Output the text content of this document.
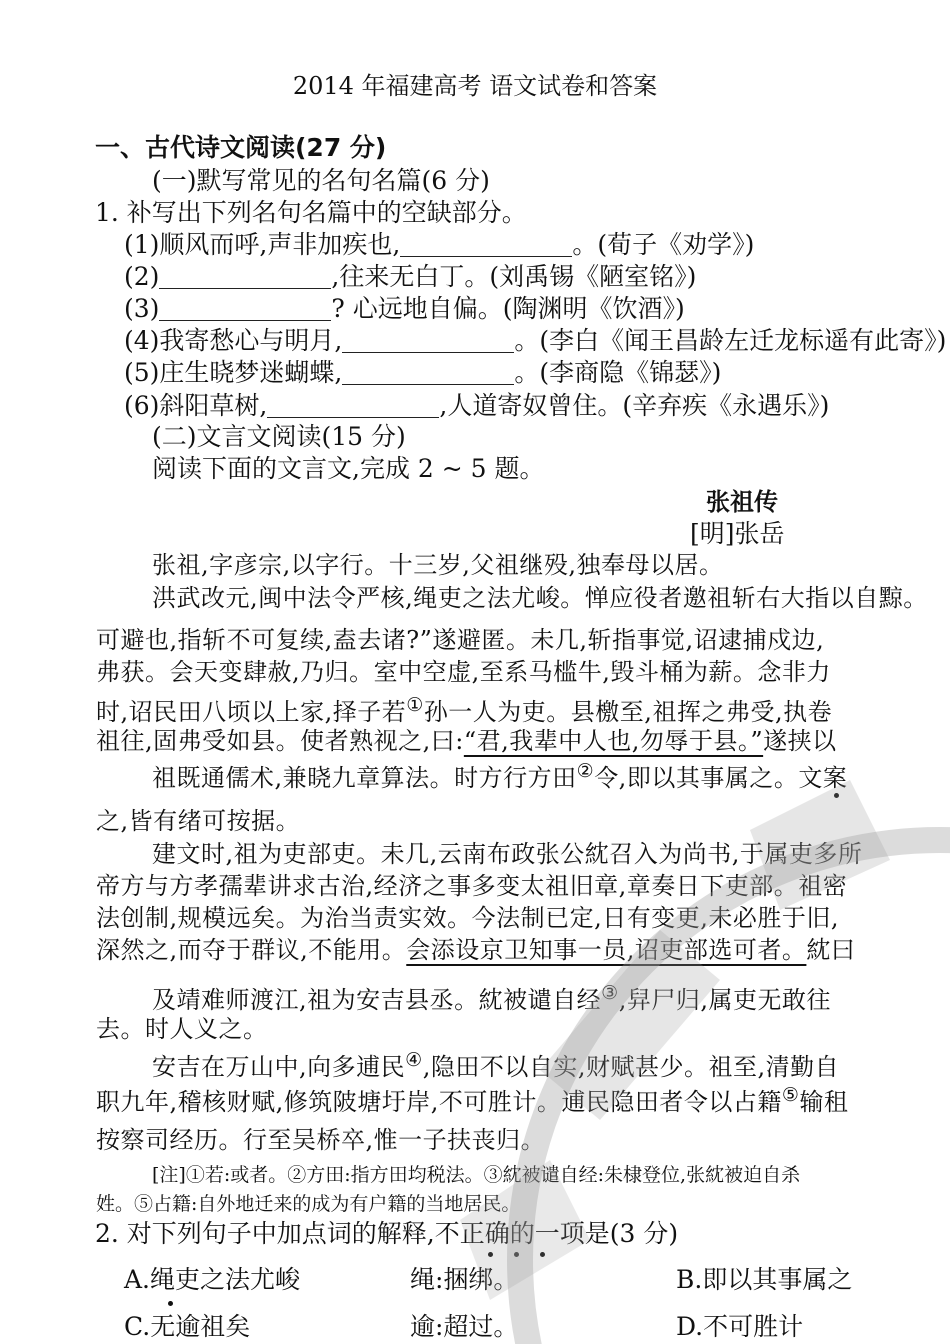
2014 年福建高考 语文试卷和答案
一、古代诗文阅读(27 分)
(一)默写常见的名句名篇(6 分)
1. 补写出下列名句名篇中的空缺部分。
(1)顺风而呼,声非加疾也,	。(荀子《劝学》)
(2)	,往来无白丁。(刘禹锡《陋室铭》)
(3)	? 心远地自偏。(陶渊明《饮酒》)
(4)我寄愁心与明月,	。(李白《闻王昌龄左迁龙标遥有此寄》)
(5)庄生晓梦迷蝴蝶,	。(李商隐《锦瑟》)
(6)斜阳草树,	,人道寄奴曾住。(辛弃疾《永遇乐》)
(二)文言文阅读(15 分)
阅读下面的文言文,完成 2 ~ 5 题。
张祖传
[明]张岳
张祖,字彦宗,以字行。十三岁,父祖继殁,独奉母以居。
洪武改元,闽中法令严核,绳吏之法尤峻。惮应役者邀祖斩右大指以自黥。
可避也,指斩不可复续,盍去诸?”遂避匿。未几,斩指事觉,诏逮捕戍边,
弗获。会天变肆赦,乃归。室中空虚,至系马槛牛,毁斗桶为薪。念非力
时,诏民田八顷以上家,择子若①孙一人为吏。县檄至,祖挥之弗受,执卷
祖往,固弗受如县。使者熟视之,曰:“君,我辈中人也,勿辱于县。”遂挟以
祖既通儒术,兼晓九章算法。时方行方田②令,即以其事属之。文案
之,皆有绪可按据。
建文时,祖为吏部吏。未几,云南布政张公紞召入为尚书,于属吏多所
帝方与方孝孺辈讲求古治,经济之事多变太祖旧章,章奏日下吏部。祖密
法创制,规模远矣。为治当责实效。今法制已定,日有变更,未必胜于旧,
深然之,而夺于群议,不能用。会添设京卫知事一员,诏吏部选可者。紞曰
及靖难师渡江,祖为安吉县丞。紞被谴自经③,舁尸归,属吏无敢往
去。时人义之。
安吉在万山中,向多逋民④,隐田不以自实,财赋甚少。祖至,清勤自
职九年,稽核财赋,修筑陂塘圩岸,不可胜计。逋民隐田者令以占籍⑤输租
按察司经历。行至吴桥卒,惟一子扶丧归。
[注]①若:或者。②方田:指方田均税法。③紞被谴自经:朱棣登位,张紞被迫自杀
姓。⑤占籍:自外地迁来的成为有户籍的当地居民。
2. 对下列句子中加点词的解释,不正确的一项是(3 分)
A.绳吏之法尤峻	绳:捆绑。	B.即以其事属之
C.无逾祖矣	逾:超过。	D.不可胜计
